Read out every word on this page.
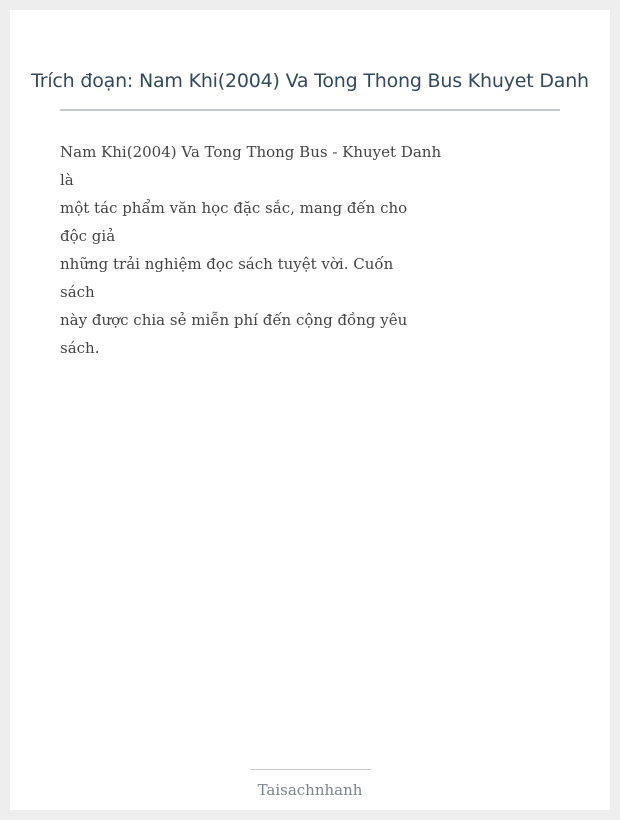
Trích đoạn: Nam Khi(2004) Va Tong Thong Bus Khuyet Danh
Nam Khi(2004) Va Tong Thong Bus - Khuyet Danh
là
một tác phẩm văn học đặc sắc, mang đến cho
độc giả
những trải nghiệm đọc sách tuyệt vời. Cuốn
sách
này được chia sẻ miễn phí đến cộng đồng yêu
sách.
Taisachnhanh
